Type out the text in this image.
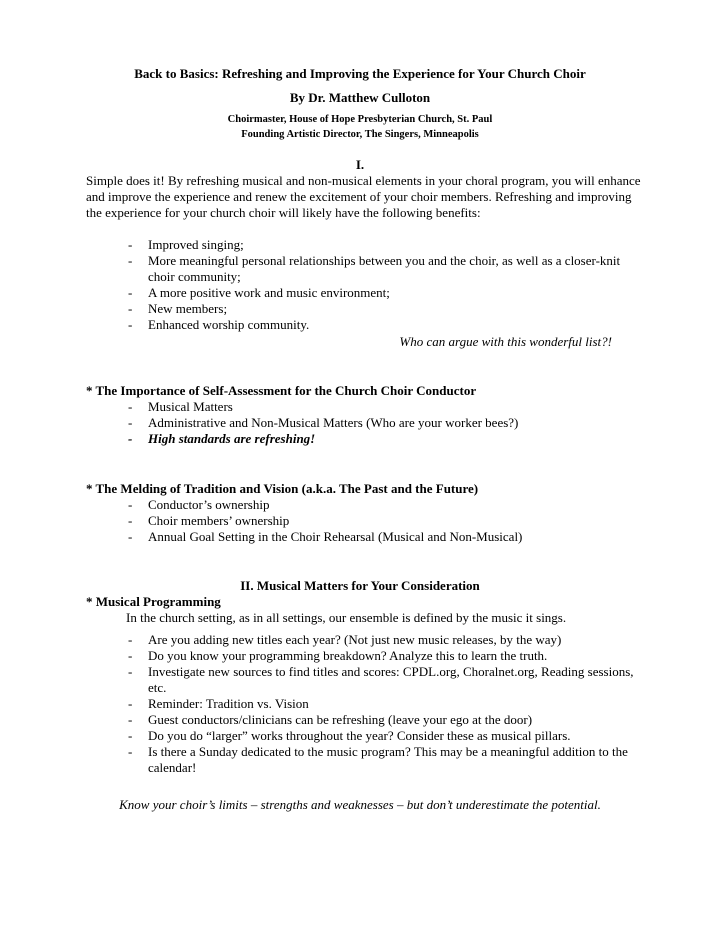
Back to Basics: Refreshing and Improving the Experience for Your Church Choir
By Dr. Matthew Culloton
Choirmaster, House of Hope Presbyterian Church, St. Paul
Founding Artistic Director, The Singers, Minneapolis
I.

Simple does it! By refreshing musical and non-musical elements in your choral program, you will enhance and improve the experience and renew the excitement of your choir members. Refreshing and improving the experience for your church choir will likely have the following benefits:

- Improved singing;
- More meaningful personal relationships between you and the choir, as well as a closer-knit choir community;
- A more positive work and music environment;
- New members;
- Enhanced worship community.
Who can argue with this wonderful list?!
* The Importance of Self-Assessment for the Church Choir Conductor
- Musical Matters
- Administrative and Non-Musical Matters (Who are your worker bees?)
- High standards are refreshing!
* The Melding of Tradition and Vision (a.k.a. The Past and the Future)
- Conductor’s ownership
- Choir members’ ownership
- Annual Goal Setting in the Choir Rehearsal (Musical and Non-Musical)
II. Musical Matters for Your Consideration
* Musical Programming
In the church setting, as in all settings, our ensemble is defined by the music it sings.
- Are you adding new titles each year? (Not just new music releases, by the way)
- Do you know your programming breakdown? Analyze this to learn the truth.
- Investigate new sources to find titles and scores: CPDL.org, Choralnet.org, Reading sessions, etc.
- Reminder: Tradition vs. Vision
- Guest conductors/clinicians can be refreshing (leave your ego at the door)
- Do you do “larger” works throughout the year? Consider these as musical pillars.
- Is there a Sunday dedicated to the music program? This may be a meaningful addition to the calendar!
Know your choir’s limits – strengths and weaknesses – but don’t underestimate the potential.
